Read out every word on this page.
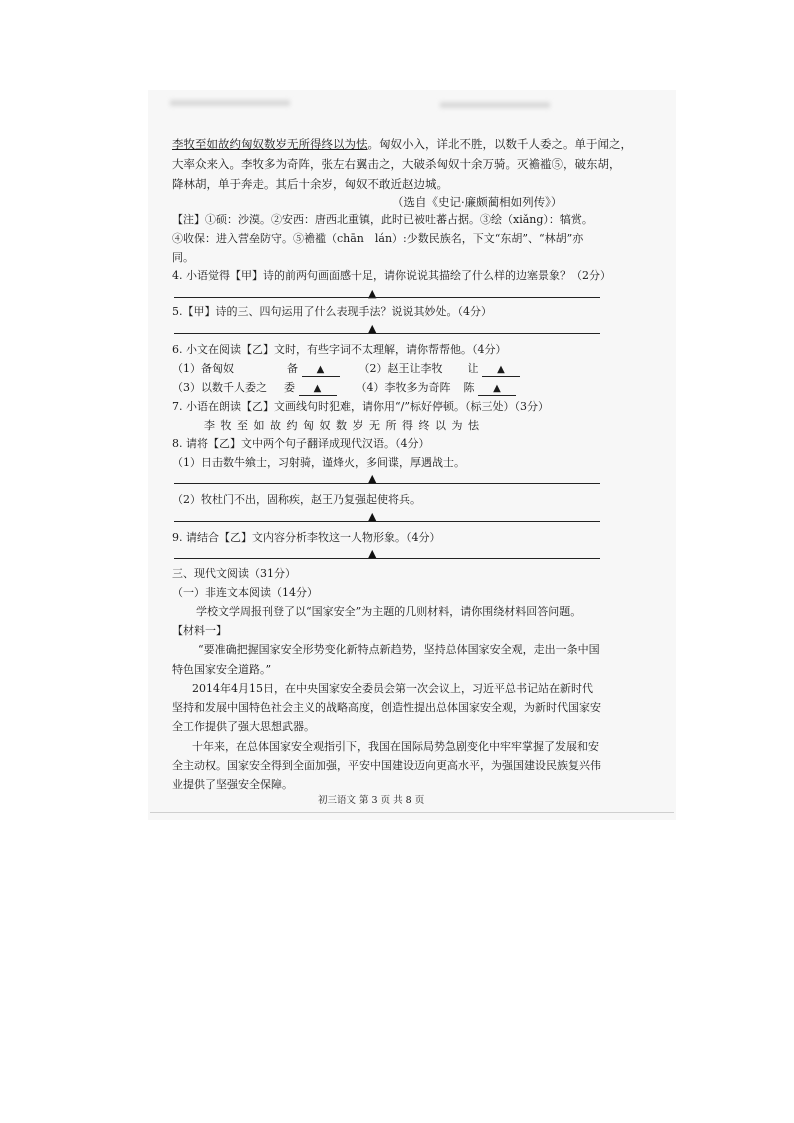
李牧至如故约匈奴数岁无所得终以为怯。匈奴小入，详北不胜，以数千人委之。单于闻之，
大率众来入。李牧多为奇阵，张左右翼击之，大破杀匈奴十余万骑。灭襜褴⑤，破东胡，
降林胡，单于奔走。其后十余岁，匈奴不敢近赵边城。
（选自《史记·廉颇蔺相如列传》）
【注】①硕：沙漠。②安西：唐西北重镇，此时已被吐蕃占据。③绘（xiǎng）：犒赏。
④收保：进入营垒防守。⑤襜褴（chān　lán）:少数民族名，下文“东胡”、“林胡”亦
同。
4. 小语觉得【甲】诗的前两句画面感十足，请你说说其描绘了什么样的边塞景象？（2分）
▲
5.【甲】诗的三、四句运用了什么表现手法？说说其妙处。（4分）
▲
6. 小文在阅读【乙】文时，有些字词不太理解，请你帮帮他。（4分）
（1）备匈奴	备 ▲	（2）赵王让李牧 让 ▲
（3）以数千人委之 委 ▲	（4）李牧多为奇阵 陈 ▲
7. 小语在朗读【乙】文画线句时犯难，请你用“/”标好停顿。（标三处）（3分）
李 牧 至 如 故 约 匈 奴 数 岁 无 所 得 终 以 为 怯
8. 请将【乙】文中两个句子翻译成现代汉语。（4分）
（1）日击数牛飨士，习射骑，谨烽火，多间谍，厚遇战士。
▲
（2）牧杜门不出，固称疾，赵王乃复强起使将兵。
▲
9. 请结合【乙】文内容分析李牧这一人物形象。（4分）
▲
三、现代文阅读（31分）
（一）非连文本阅读（14分）
学校文学周报刊登了以“国家安全”为主题的几则材料，请你围绕材料回答问题。
【材料一】
“要准确把握国家安全形势变化新特点新趋势，坚持总体国家安全观，走出一条中国
特色国家安全道路。”
2014年4月15日，在中央国家安全委员会第一次会议上，习近平总书记站在新时代
坚持和发展中国特色社会主义的战略高度，创造性提出总体国家安全观，为新时代国家安
全工作提供了强大思想武器。
十年来，在总体国家安全观指引下，我国在国际局势急剧变化中牢牢掌握了发展和安
全主动权。国家安全得到全面加强，平安中国建设迈向更高水平，为强国建设民族复兴伟
业提供了坚强安全保障。
初三语文 第 3 页 共 8 页
